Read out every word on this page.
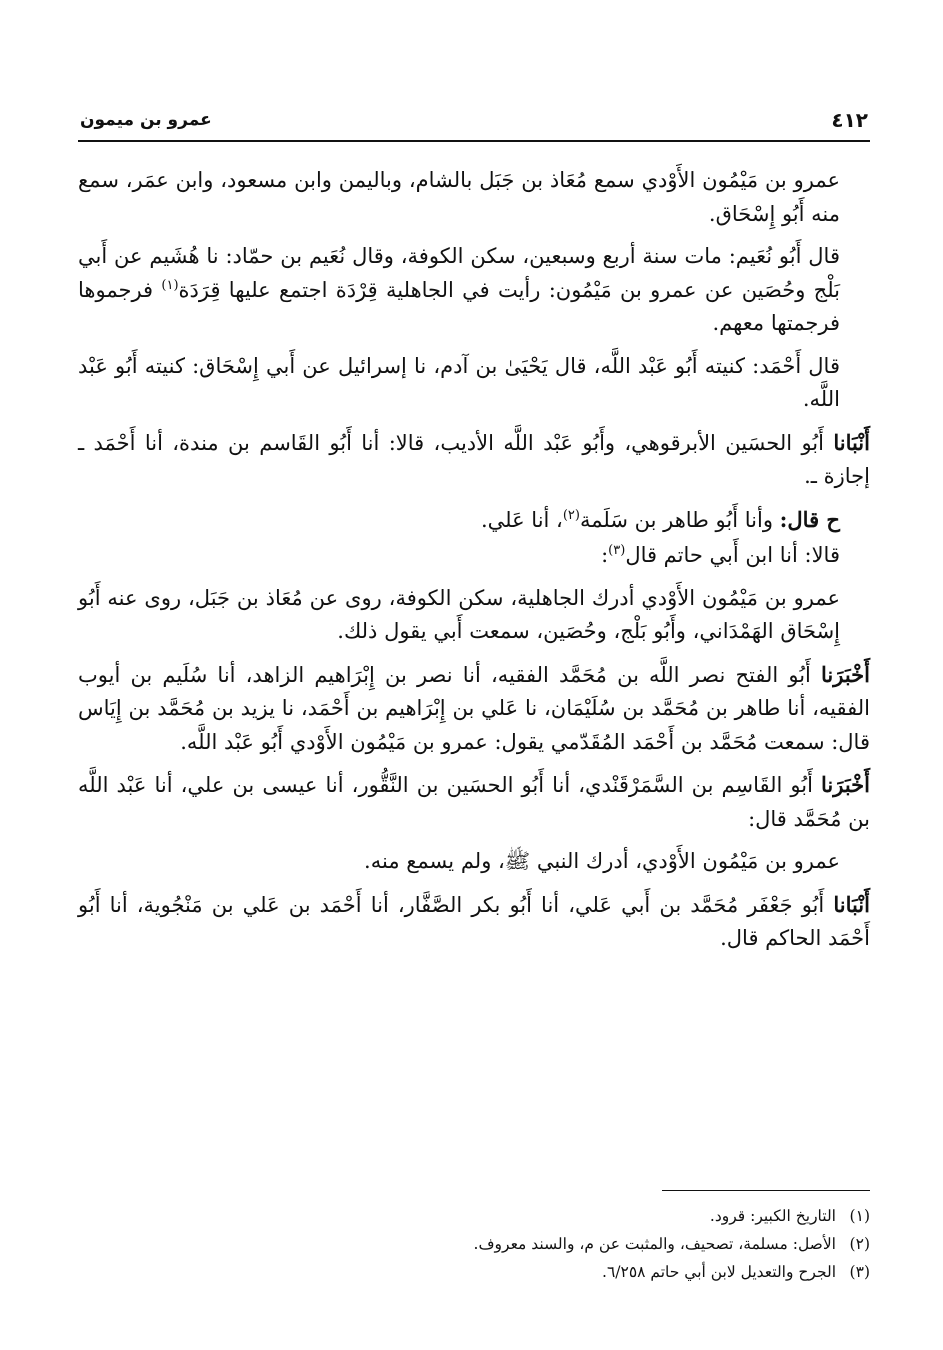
٤١٢
عمرو بن ميمون

عمرو بن مَيْمُون الأَوْدي سمع مُعَاذ بن جَبَل بالشام، وباليمن وابن مسعود، وابن عمَر، سمع منه أَبُو إِسْحَاق.

قال أَبُو نُعَيم: مات سنة أربع وسبعين، سكن الكوفة، وقال نُعَيم بن حمّاد: نا هُشَيم عن أَبي بَلْج وحُصَين عن عمرو بن مَيْمُون: رأيت في الجاهلية قِرْدَة اجتمع عليها قِرَدَة$^{(١)}$ فرجموها فرجمتها معهم.

قال أَحْمَد: كنيته أَبُو عَبْد اللَّه، قال يَحْيَىٰ بن آدم، نا إسرائيل عن أَبي إِسْحَاق: كنيته أَبُو عَبْد اللَّه.

أَنْبَانا أَبُو الحسَين الأبرقوهي، وأَبُو عَبْد اللَّه الأديب، قالا: أنا أَبُو القَاسم بن مندة، أنا أَحْمَد ـ إجازة ـ.

ح قال: وأنا أَبُو طاهر بن سَلَمة$^{(٢)}$، أنا عَلي.

قالا: أنا ابن أَبي حاتم قال$^{(٣)}$:

عمرو بن مَيْمُون الأَوْدي أدرك الجاهلية، سكن الكوفة، روى عن مُعَاذ بن جَبَل، روى عنه أَبُو إِسْحَاق الهَمْدَاني، وأَبُو بَلْج، وحُصَين، سمعت أَبي يقول ذلك.

أَخْبَرَنا أَبُو الفتح نصر اللَّه بن مُحَمَّد الفقيه، أنا نصر بن إِبْرَاهيم الزاهد، أنا سُلَيم بن أيوب الفقيه، أنا طاهر بن مُحَمَّد بن سُلَيْمَان، نا عَلي بن إِبْرَاهيم بن أَحْمَد، نا يزيد بن مُحَمَّد بن إِيَاس قال: سمعت مُحَمَّد بن أَحْمَد المُقَدّمي يقول: عمرو بن مَيْمُون الأَوْدي أَبُو عَبْد اللَّه.

أَخْبَرَنا أَبُو القَاسِم بن السَّمَرْقَنْدي، أنا أَبُو الحسَين بن النَّقُّور، أنا عيسى بن علي، أنا عَبْد اللَّه بن مُحَمَّد قال:

عمرو بن مَيْمُون الأَوْدي، أدرك النبي ﷺ، ولم يسمع منه.

أَنْبَانا أَبُو جَعْفَر مُحَمَّد بن أَبي عَلي، أنا أَبُو بكر الصَّفَّار، أنا أَحْمَد بن عَلي بن مَنْجُوية، أنا أَبُو أَحْمَد الحاكم قال.

(١)التاريخ الكبير: قرود.
(٢)الأصل: مسلمة، تصحيف، والمثبت عن م، والسند معروف.
(٣)الجرح والتعديل لابن أبي حاتم ٦/٢٥٨.
